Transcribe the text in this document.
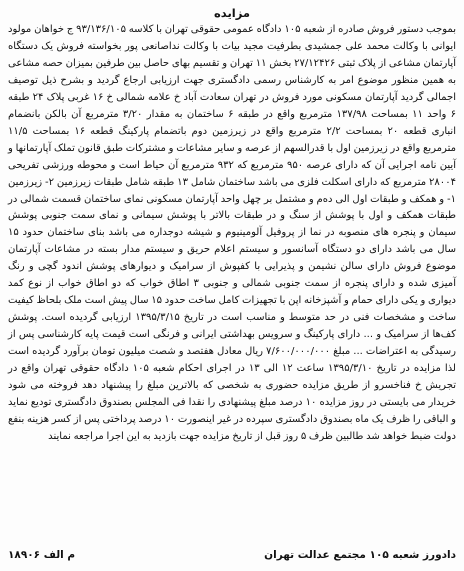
مزایده

بموجب دستور فروش صادره از شعبه ۱۰۵ دادگاه عمومی حقوقی تهران با کلاسه ۹۳/۱۳۶/۱۰۵ ج خواهان مولود ایوانی با وکالت محمد علی جمشیدی بطرفیت مجید بیات با وکالت نداصانعی پور بخواسته فروش یک دستگاه آپارتمان مشاعی از پلاک ثبتی ۲۷/۱۲۴۲۶ بخش ۱۱ تهران و تقسیم بهای حاصل بین طرفین بمیزان حصه مشاعی به همین منظور موضوع امر به کارشناس رسمی دادگستری جهت ارزیابی ارجاع گردید و بشرح ذیل توصیف اجمالی گردید آپارتمان مسکونی مورد فروش در تهران سعادت آباد خ علامه شمالی خ ۱۶ غربی پلاک ۲۴ طبقه ۶ واحد ۱۱ بمساحت ۱۳۷/۹۸ مترمربع واقع در طبقه ۶ ساختمان به مقدار ۳/۲۰ مترمربع آن بالکن بانضمام انباری قطعه ۲۰ بمساحت ۲/۲ مترمربع واقع در زیرزمین دوم باتضمام پارکینگ قطعه ۱۶ بمساحت ۱۱/۵ مترمربع واقع در زیرزمین اول با قدرالسهم از عرصه و سایر مشاعات و مشترکات طبق قانون تملک آپارتمانها و آیین نامه اجرایی آن که دارای عرصه ۹۵۰ مترمربع که ۹۳۲ مترمربع آن حیاط است و محوطه ورزشی تفریحی ۲۸۰۰۴ مترمربع که دارای اسکلت فلزی می باشد ساختمان شامل ۱۳ طبقه شامل طبقات زیرزمین ۲- زیرزمین ۱- و همکف و طبقات اول الی ده‌م و مشتمل بر چهل واحد آپارتمان مسکونی نمای ساختمان قسمت شمالی در طبقات همکف و اول با پوشش از سنگ و در طبقات بالاتر با پوشش سیمانی و نمای سمت جنوبی پوشش سیمان و پنجره های منصوبه در نما از پروفیل آلومینیوم و شیشه دوجداره می باشد بنای ساختمان حدود ۱۵ سال می باشد دارای دو دستگاه آسانسور و سیستم اعلام حریق و سیستم مدار بسته در مشاعات آپارتمان موضوع فروش دارای سالن نشیمن و پذیرایی با کفپوش از سرامیک و دیوارهای پوشش اندود گچی و رنگ آمیزی شده و دارای پنجره از سمت جنوبی شمالی و جنوبی ۳ اطاق خواب که دو اطاق خواب از نوع کمد دیواری و یکی دارای حمام و آشپزخانه اپن با تجهیزات کامل ساخت حدود ۱۵ سال پیش است ملک بلحاظ کیفیت ساخت و مشخصات فنی در حد متوسط و مناسب است در تاریخ ۱۳۹۵/۳/۱۵ ارزیابی گردیده است. پوشش کف‌ها از سرامیک و ... دارای پارکینگ و سرویس بهداشتی ایرانی و فرنگی است قیمت پایه کارشناسی پس از رسیدگی به اعتراضات ... مبلغ ۷/۶۰۰/۰۰۰/۰۰۰ ریال معادل هفتصد و شصت میلیون تومان برآورد گردیده است لذا مزایده در تاریخ ۱۳۹۵/۳/۱۰ ساعت ۱۲ الی ۱۳ در اجرای احکام شعبه ۱۰۵ دادگاه حقوقی تهران واقع در تجریش خ فناخسرو از طریق مزایده حضوری به شخصی که بالاترین مبلغ را پیشنهاد دهد فروخته می شود خریدار می بایستی در روز مزایده ۱۰ درصد مبلغ پیشنهادی را نقدا فی المجلس بصندوق دادگستری تودیع نماید و الباقی را ظرف یک ماه بصندوق دادگستری سپرده در غیر اینصورت ۱۰ درصد پرداختی پس از کسر هزینه بنفع دولت ضبط خواهد شد طالبین ظرف ۵ روز قبل از تاریخ مزایده جهت بازدید به این اجرا مراجعه نمایند

دادورز شعبه ۱۰۵ مجتمع عدالت تهران
م الف ۱۸۹۰۶
